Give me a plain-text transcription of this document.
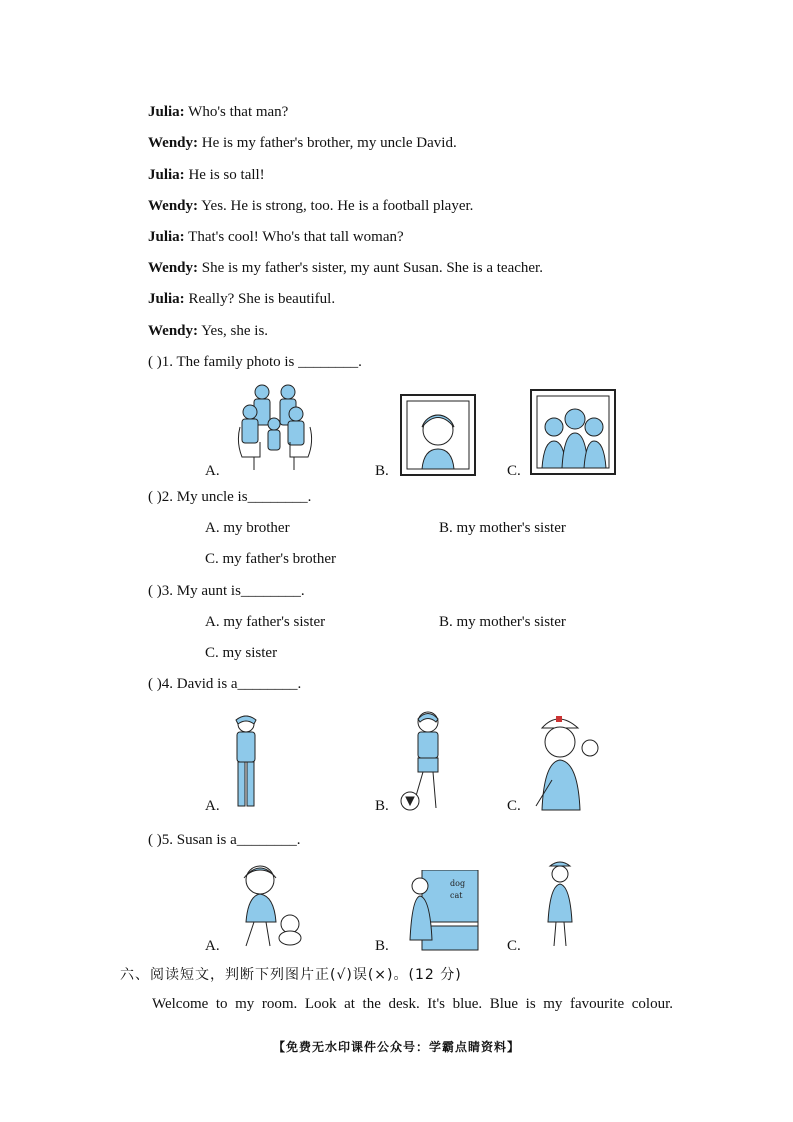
Julia: Who's that man?
Wendy: He is my father's brother, my uncle David.
Julia: He is so tall!
Wendy: Yes. He is strong, too. He is a football player.
Julia: That's cool! Who's that tall woman?
Wendy: She is my father's sister, my aunt Susan. She is a teacher.
Julia: Really? She is beautiful.
Wendy: Yes, she is.
( )1. The family photo is ________.
A.	B.	C.
( )2. My uncle is________.
A. my brother	B. my mother's sister
C. my father's brother
( )3. My aunt is________.
A. my father's sister	B. my mother's sister
C. my sister
( )4. David is a________.
A.	B.	C.
( )5. Susan is a________.
A.	B.
dog
cat
C.
六、阅读短文，判断下列图片正(√)误(×)。(12 分)
Welcome to my room. Look at the desk. It's blue. Blue is my favourite colour.
【免费无水印课件公众号：学霸点睛资料】
